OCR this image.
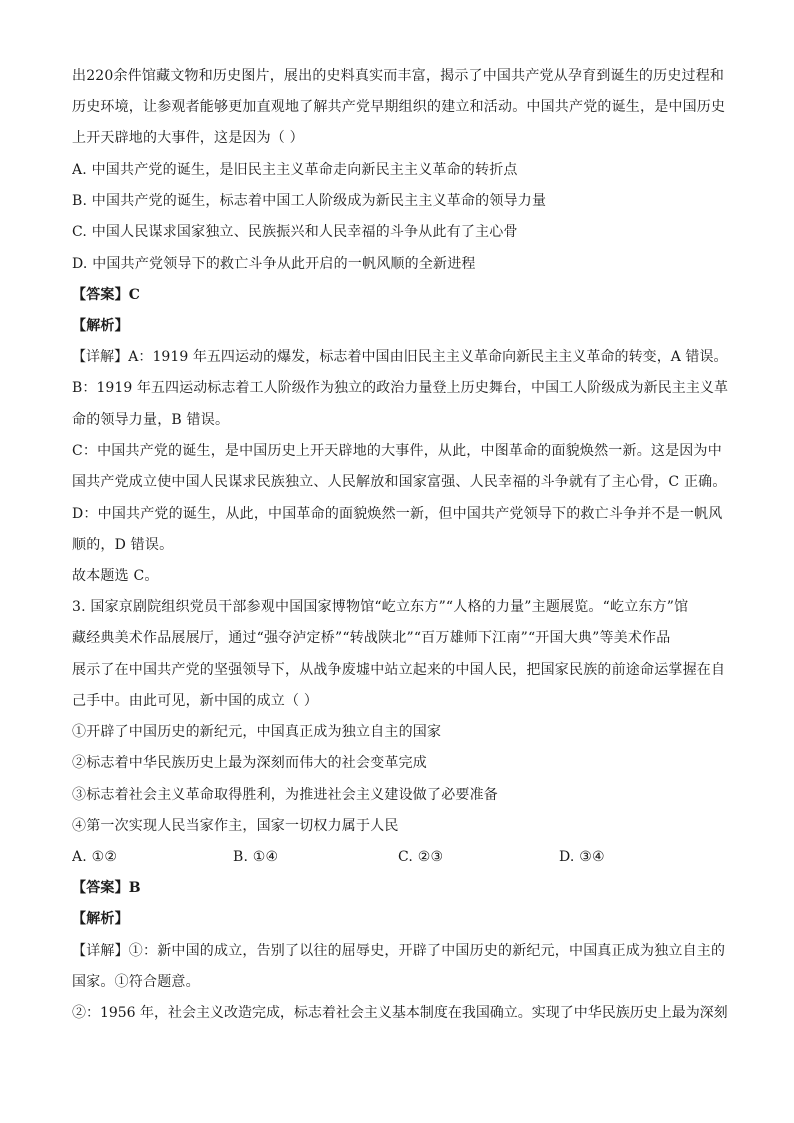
出220余件馆藏文物和历史图片，展出的史料真实而丰富，揭示了中国共产党从孕育到诞生的历史过程和
历史环境，让参观者能够更加直观地了解共产党早期组织的建立和活动。中国共产党的诞生，是中国历史
上开天辟地的大事件，这是因为（ ）
A. 中国共产党的诞生，是旧民主主义革命走向新民主主义革命的转折点
B. 中国共产党的诞生，标志着中国工人阶级成为新民主主义革命的领导力量
C. 中国人民谋求国家独立、民族振兴和人民幸福的斗争从此有了主心骨
D. 中国共产党领导下的救亡斗争从此开启的一帆风顺的全新进程
【答案】C
【解析】
【详解】A：1919 年五四运动的爆发，标志着中国由旧民主主义革命向新民主主义革命的转变，A 错误。
B：1919 年五四运动标志着工人阶级作为独立的政治力量登上历史舞台，中国工人阶级成为新民主主义革
命的领导力量，B 错误。
C：中国共产党的诞生，是中国历史上开天辟地的大事件，从此，中图革命的面貌焕然一新。这是因为中
国共产党成立使中国人民谋求民族独立、人民解放和国家富强、人民幸福的斗争就有了主心骨，C 正确。
D：中国共产党的诞生，从此，中国革命的面貌焕然一新，但中国共产党领导下的救亡斗争并不是一帆风
顺的，D 错误。
故本题选 C。
3. 国家京剧院组织党员干部参观中国国家博物馆“屹立东方”“人格的力量”主题展览。“屹立东方”馆
藏经典美术作品展展厅，通过“强夺泸定桥”“转战陕北”“百万雄师下江南”“开国大典”等美术作品
展示了在中国共产党的坚强领导下，从战争废墟中站立起来的中国人民，把国家民族的前途命运掌握在自
己手中。由此可见，新中国的成立（ ）
①开辟了中国历史的新纪元，中国真正成为独立自主的国家
②标志着中华民族历史上最为深刻而伟大的社会变革完成
③标志着社会主义革命取得胜利，为推进社会主义建设做了必要准备
④第一次实现人民当家作主，国家一切权力属于人民
A. ①②	B. ①④	C. ②③	D. ③④
【答案】B
【解析】
【详解】①：新中国的成立，告别了以往的屈辱史，开辟了中国历史的新纪元，中国真正成为独立自主的
国家。①符合题意。
②：1956 年，社会主义改造完成，标志着社会主义基本制度在我国确立。实现了中华民族历史上最为深刻
